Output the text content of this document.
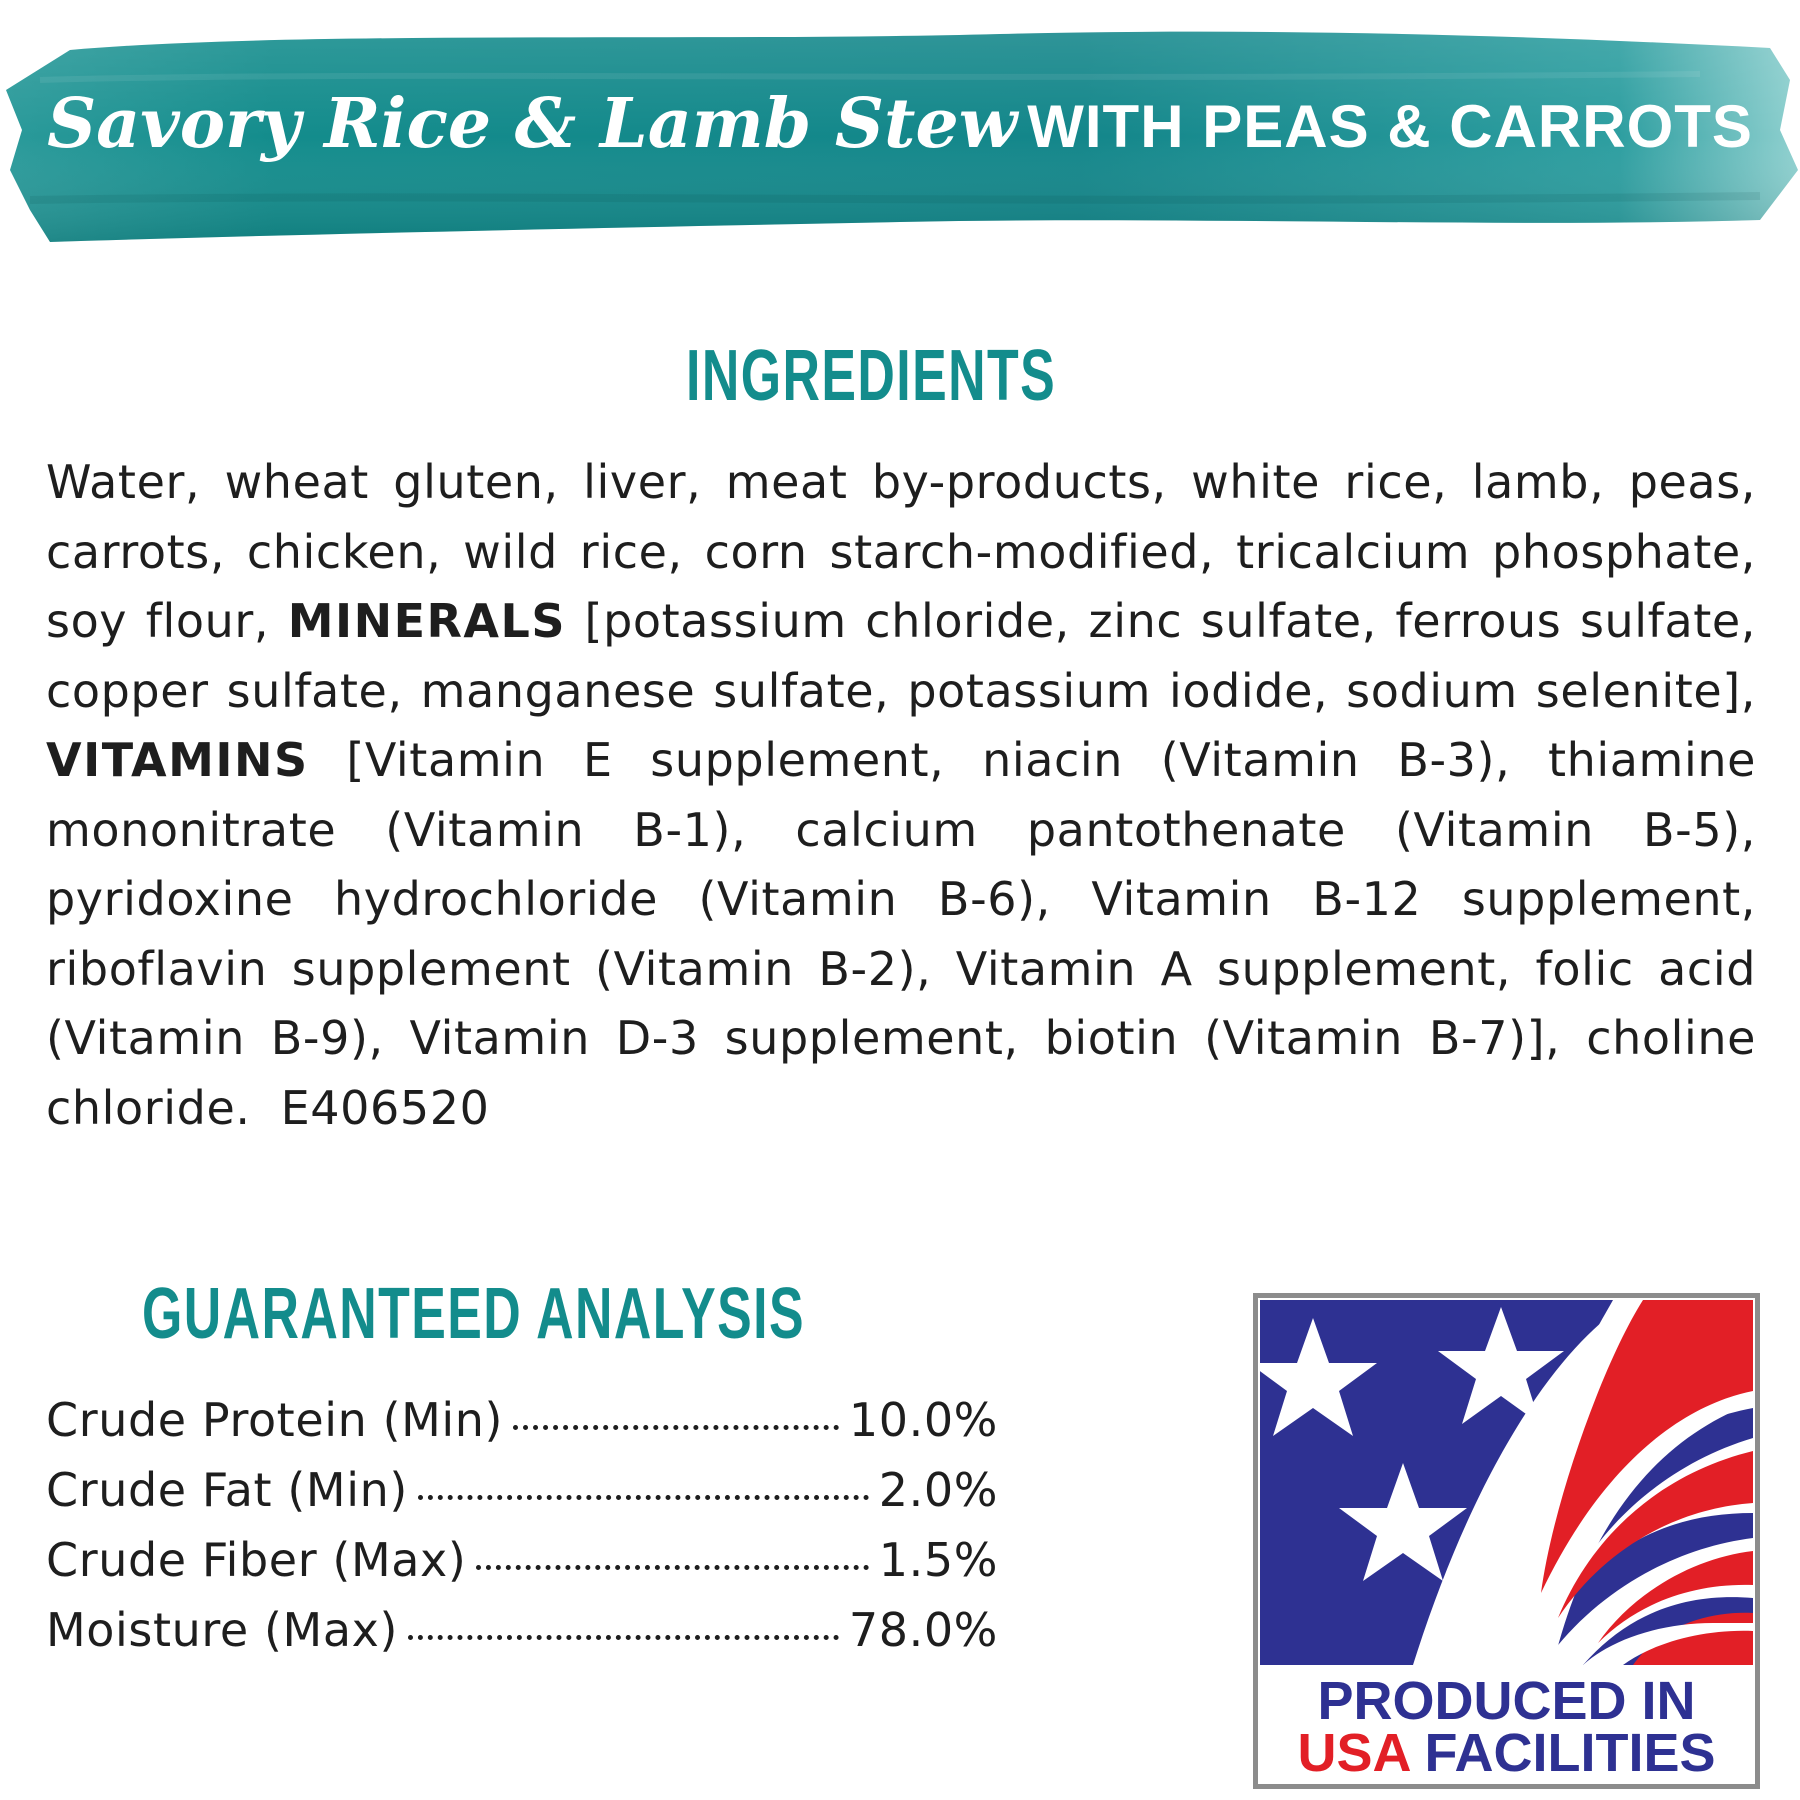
Savory Rice & Lamb Stew WITH PEAS & CARROTS
INGREDIENTS
Water, wheat gluten, liver, meat by-products, white rice, lamb, peas, carrots, chicken, wild rice, corn starch-modified, tricalcium phosphate, soy flour, MINERALS [potassium chloride, zinc sulfate, ferrous sulfate, copper sulfate, manganese sulfate, potassium iodide, sodium selenite], VITAMINS [Vitamin E supplement, niacin (Vitamin B-3), thiamine mononitrate (Vitamin B-1), calcium pantothenate (Vitamin B-5), pyridoxine hydrochloride (Vitamin B-6), Vitamin B-12 supplement, riboflavin supplement (Vitamin B-2), Vitamin A supplement, folic acid (Vitamin B-9), Vitamin D-3 supplement, biotin (Vitamin B-7)], choline chloride. E406520
GUARANTEED ANALYSIS
Crude Protein (Min)	10.0%
Crude Fat (Min)	2.0%
Crude Fiber (Max)	1.5%
Moisture (Max)	78.0%
PRODUCED IN
USA FACILITIES
